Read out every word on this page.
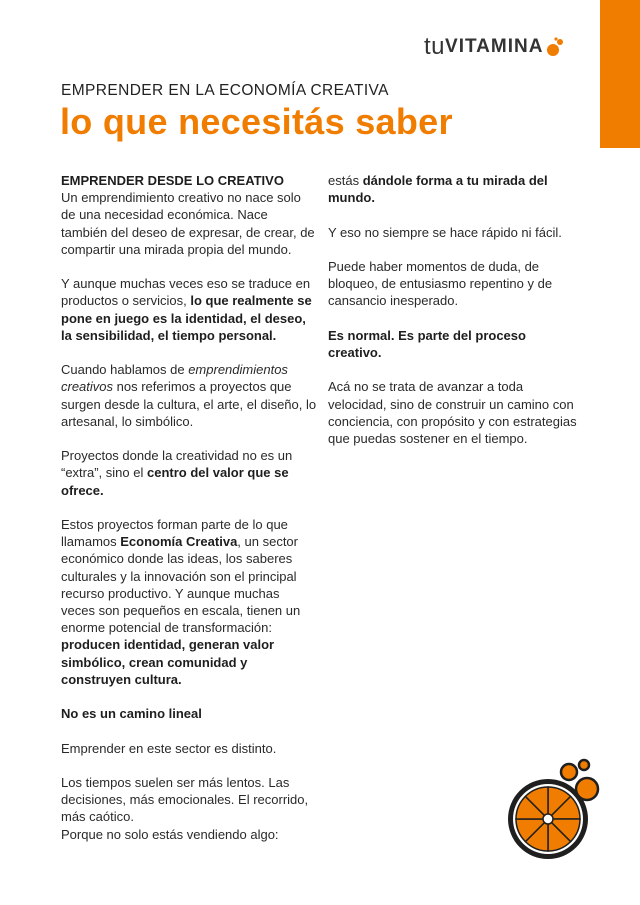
tu VITAMINA
EMPRENDER EN LA ECONOMÍA CREATIVA
lo que necesitás saber

EMPRENDER DESDE LO CREATIVO

Un emprendimiento creativo no nace solo de una necesidad económica. Nace también del deseo de expresar, de crear, de compartir una mirada propia del mundo.

Y aunque muchas veces eso se traduce en productos o servicios, lo que realmente se pone en juego es la identidad, el deseo, la sensibilidad, el tiempo personal.

Cuando hablamos de emprendimientos creativos nos referimos a proyectos que surgen desde la cultura, el arte, el diseño, lo artesanal, lo simbólico.

Proyectos donde la creatividad no es un “extra”, sino el centro del valor que se ofrece.

Estos proyectos forman parte de lo que llamamos Economía Creativa, un sector económico donde las ideas, los saberes culturales y la innovación son el principal recurso productivo. Y aunque muchas veces son pequeños en escala, tienen un enorme potencial de transformación: producen identidad, generan valor simbólico, crean comunidad y construyen cultura.

No es un camino lineal

Emprender en este sector es distinto.

Los tiempos suelen ser más lentos. Las decisiones, más emocionales. El recorrido, más caótico.

Porque no solo estás vendiendo algo:

estás dándole forma a tu mirada del mundo.

Y eso no siempre se hace rápido ni fácil.

Puede haber momentos de duda, de bloqueo, de entusiasmo repentino y de cansancio inesperado.

Es normal. Es parte del proceso creativo.

Acá no se trata de avanzar a toda velocidad, sino de construir un camino con conciencia, con propósito y con estrategias que puedas sostener en el tiempo.
